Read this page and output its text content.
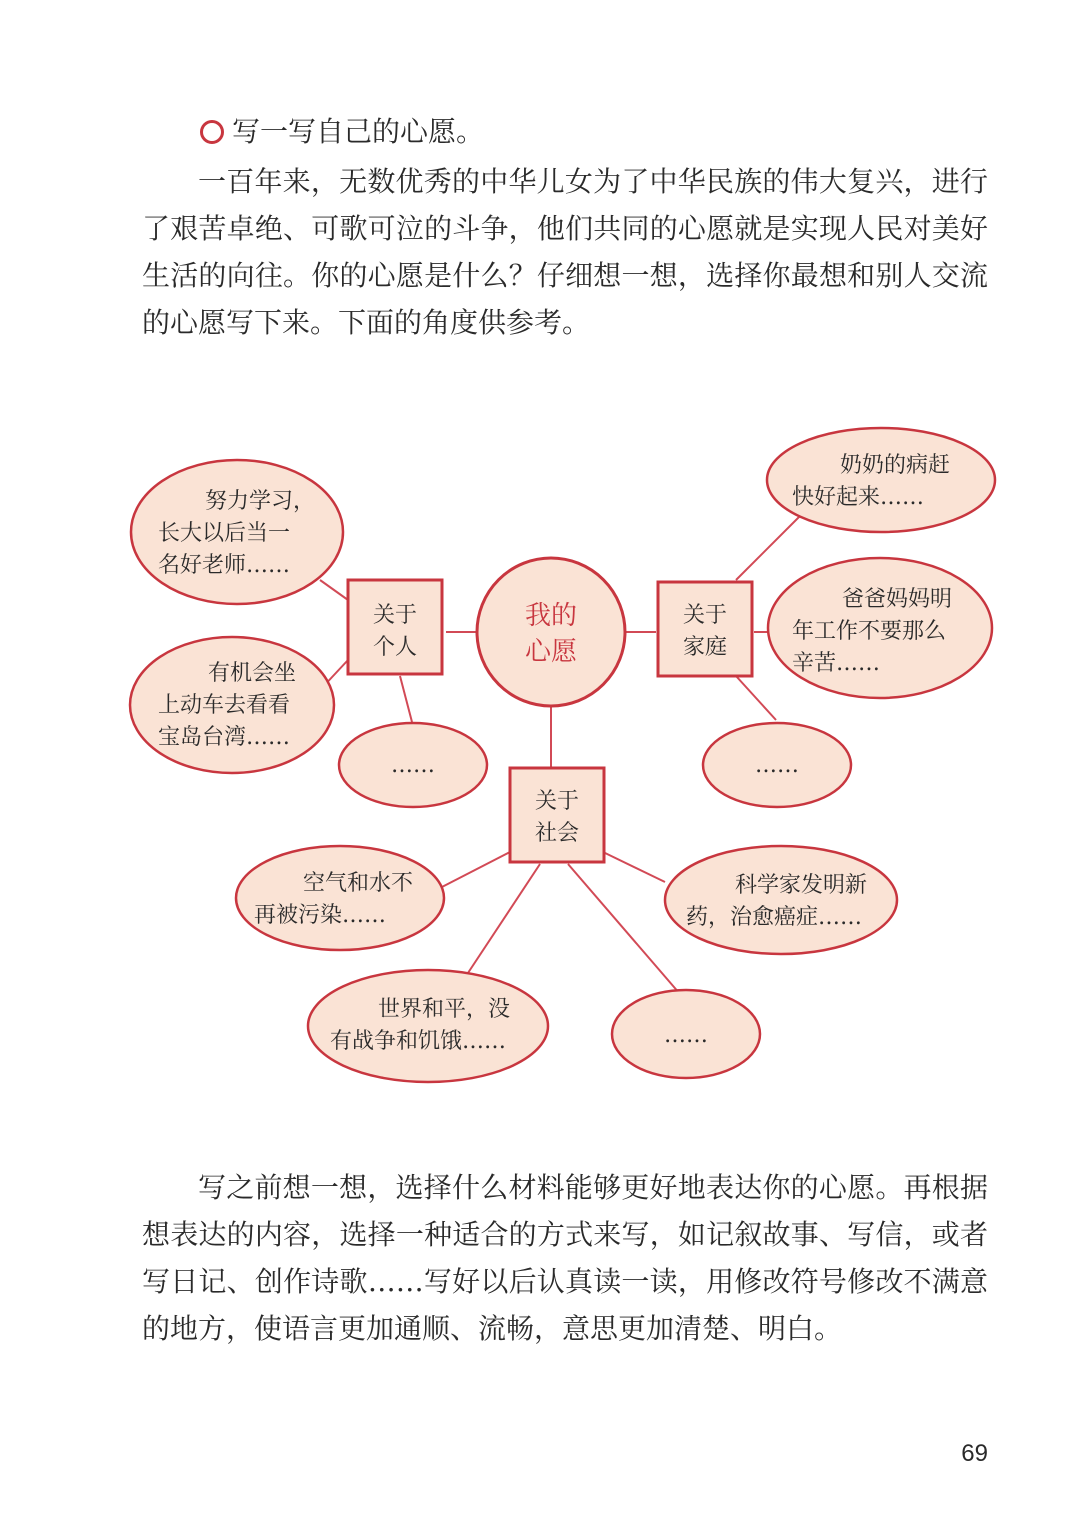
写一写自己的心愿。

一百年来，无数优秀的中华儿女为了中华民族的伟大复兴，进行了艰苦卓绝、可歌可泣的斗争，他们共同的心愿就是实现人民对美好生活的向往。你的心愿是什么？仔细想一想，选择你最想和别人交流的心愿写下来。下面的角度供参考。

我的
心愿
关于
个人
关于
家庭
关于
社会
努力学习，
长大以后当一
名好老师……
有机会坐
上动车去看看
宝岛台湾……
……
奶奶的病赶
快好起来……
爸爸妈妈明
年工作不要那么
辛苦……
……
空气和水不
再被污染……
科学家发明新
药，治愈癌症……
世界和平，没
有战争和饥饿……	……

写之前想一想，选择什么材料能够更好地表达你的心愿。再根据想表达的内容，选择一种适合的方式来写，如记叙故事、写信，或者写日记、创作诗歌……写好以后认真读一读，用修改符号修改不满意的地方，使语言更加通顺、流畅，意思更加清楚、明白。

69
